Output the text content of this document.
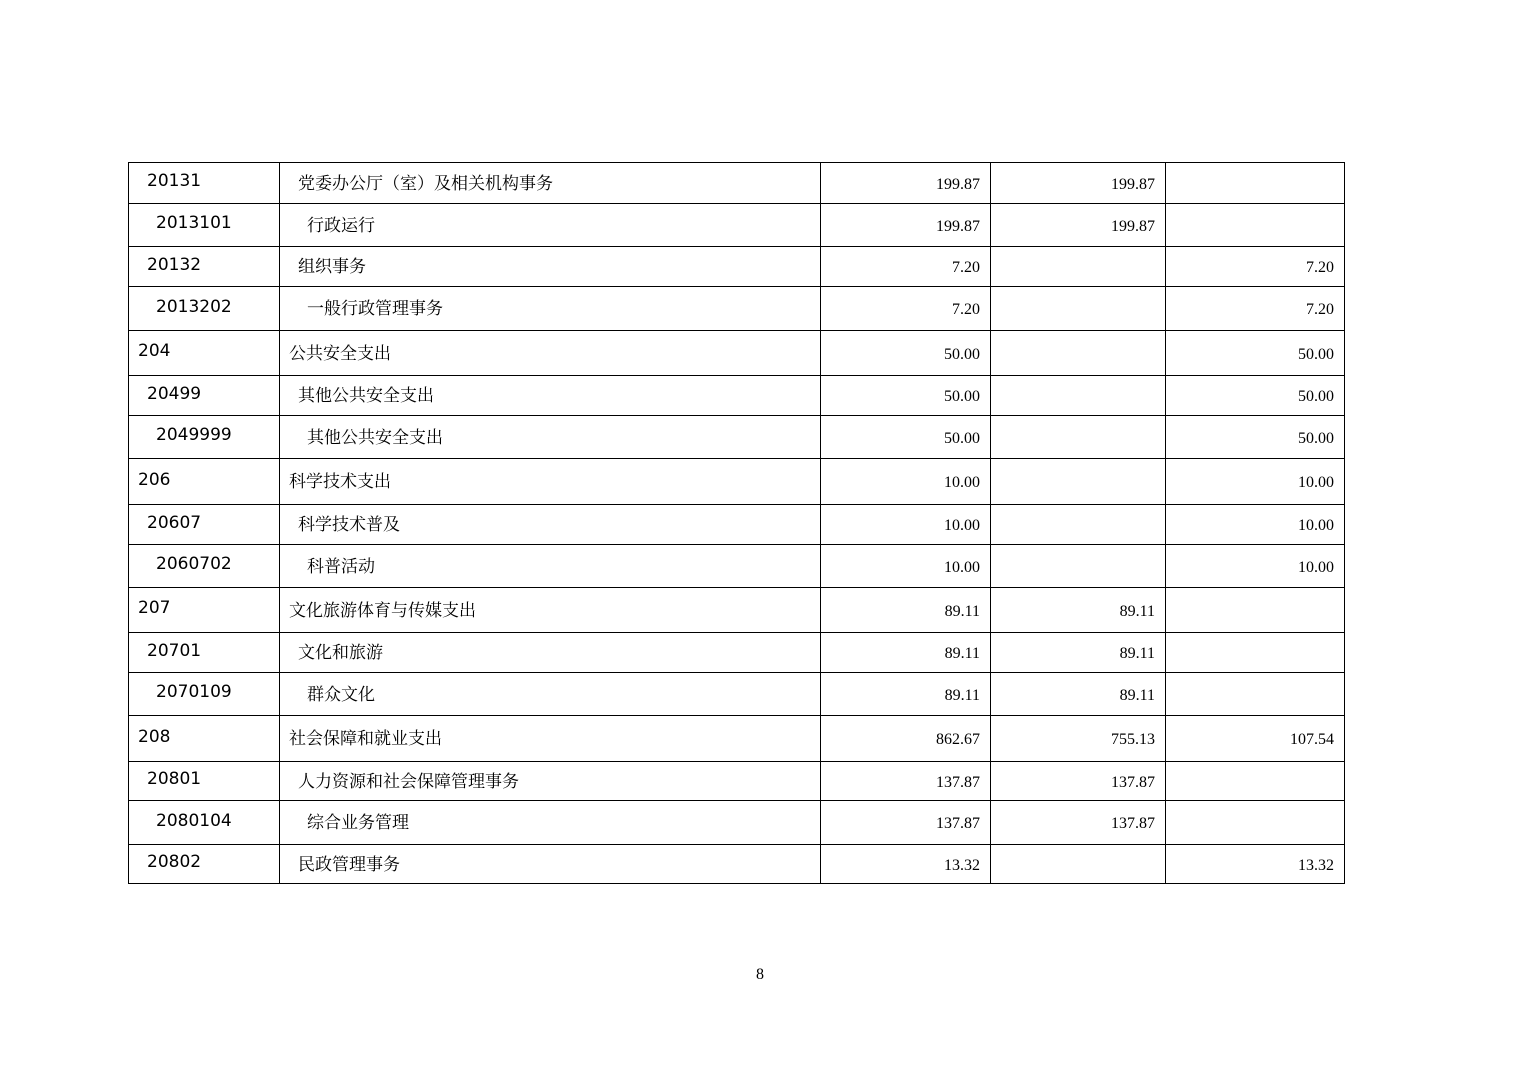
20131	党委办公厅（室）及相关机构事务	199.87	199.87	
2013101	行政运行	199.87	199.87	
20132	组织事务	7.20		7.20
2013202	一般行政管理事务	7.20		7.20
204	公共安全支出	50.00		50.00
20499	其他公共安全支出	50.00		50.00
2049999	其他公共安全支出	50.00		50.00
206	科学技术支出	10.00		10.00
20607	科学技术普及	10.00		10.00
2060702	科普活动	10.00		10.00
207	文化旅游体育与传媒支出	89.11	89.11	
20701	文化和旅游	89.11	89.11	
2070109	群众文化	89.11	89.11	
208	社会保障和就业支出	862.67	755.13	107.54
20801	人力资源和社会保障管理事务	137.87	137.87	
2080104	综合业务管理	137.87	137.87	
20802	民政管理事务	13.32		13.32
8
